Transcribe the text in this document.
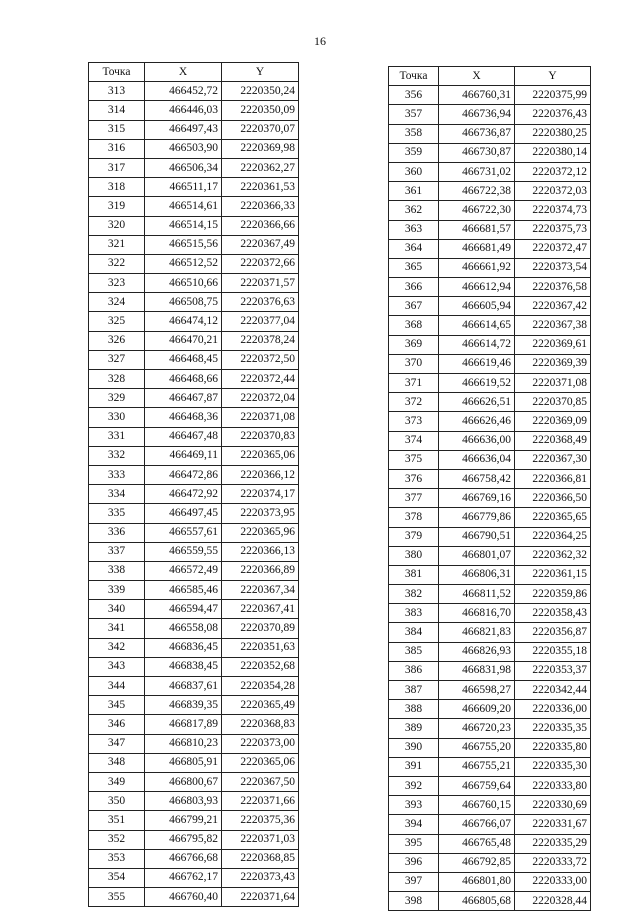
16
Точка	X	Y
313	466452,72	2220350,24
314	466446,03	2220350,09
315	466497,43	2220370,07
316	466503,90	2220369,98
317	466506,34	2220362,27
318	466511,17	2220361,53
319	466514,61	2220366,33
320	466514,15	2220366,66
321	466515,56	2220367,49
322	466512,52	2220372,66
323	466510,66	2220371,57
324	466508,75	2220376,63
325	466474,12	2220377,04
326	466470,21	2220378,24
327	466468,45	2220372,50
328	466468,66	2220372,44
329	466467,87	2220372,04
330	466468,36	2220371,08
331	466467,48	2220370,83
332	466469,11	2220365,06
333	466472,86	2220366,12
334	466472,92	2220374,17
335	466497,45	2220373,95
336	466557,61	2220365,96
337	466559,55	2220366,13
338	466572,49	2220366,89
339	466585,46	2220367,34
340	466594,47	2220367,41
341	466558,08	2220370,89
342	466836,45	2220351,63
343	466838,45	2220352,68
344	466837,61	2220354,28
345	466839,35	2220365,49
346	466817,89	2220368,83
347	466810,23	2220373,00
348	466805,91	2220365,06
349	466800,67	2220367,50
350	466803,93	2220371,66
351	466799,21	2220375,36
352	466795,82	2220371,03
353	466766,68	2220368,85
354	466762,17	2220373,43
355	466760,40	2220371,64
Точка	X	Y
356	466760,31	2220375,99
357	466736,94	2220376,43
358	466736,87	2220380,25
359	466730,87	2220380,14
360	466731,02	2220372,12
361	466722,38	2220372,03
362	466722,30	2220374,73
363	466681,57	2220375,73
364	466681,49	2220372,47
365	466661,92	2220373,54
366	466612,94	2220376,58
367	466605,94	2220367,42
368	466614,65	2220367,38
369	466614,72	2220369,61
370	466619,46	2220369,39
371	466619,52	2220371,08
372	466626,51	2220370,85
373	466626,46	2220369,09
374	466636,00	2220368,49
375	466636,04	2220367,30
376	466758,42	2220366,81
377	466769,16	2220366,50
378	466779,86	2220365,65
379	466790,51	2220364,25
380	466801,07	2220362,32
381	466806,31	2220361,15
382	466811,52	2220359,86
383	466816,70	2220358,43
384	466821,83	2220356,87
385	466826,93	2220355,18
386	466831,98	2220353,37
387	466598,27	2220342,44
388	466609,20	2220336,00
389	466720,23	2220335,35
390	466755,20	2220335,80
391	466755,21	2220335,30
392	466759,64	2220333,80
393	466760,15	2220330,69
394	466766,07	2220331,67
395	466765,48	2220335,29
396	466792,85	2220333,72
397	466801,80	2220333,00
398	466805,68	2220328,44
